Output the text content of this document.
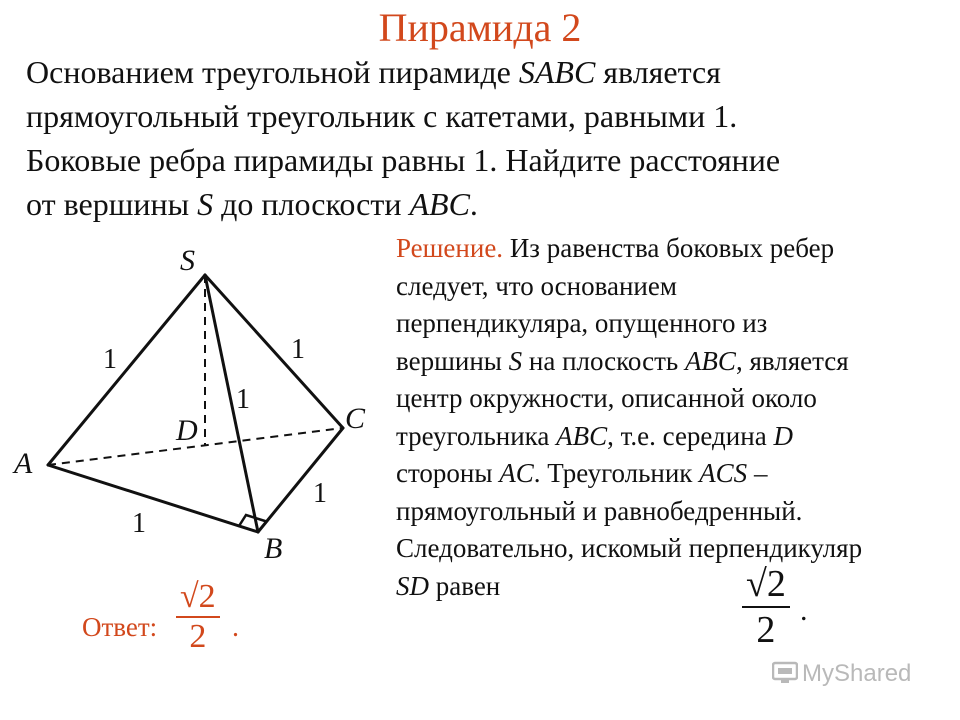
Пирамида 2
Основанием треугольной пирамиде SABC является
прямоугольный треугольник с катетами, равными 1.
Боковые ребра пирамиды равны 1. Найдите расстояние
от вершины S до плоскости ABC.
S
A
B
C
D
1	1
1
1
1
Решение. Из равенства боковых ребер
следует, что основанием
перпендикуляра, опущенного из
вершины S на плоскость ABC, является
центр окружности, описанной около
треугольника ABC, т.е. середина D
стороны AC. Треугольник ACS –
прямоугольный и равнобедренный.
Следовательно, искомый перпендикуляр
SD равен	$\frac{√2}{2}$ .
Ответ: $\frac{√2}{2}$ .
MyShared
